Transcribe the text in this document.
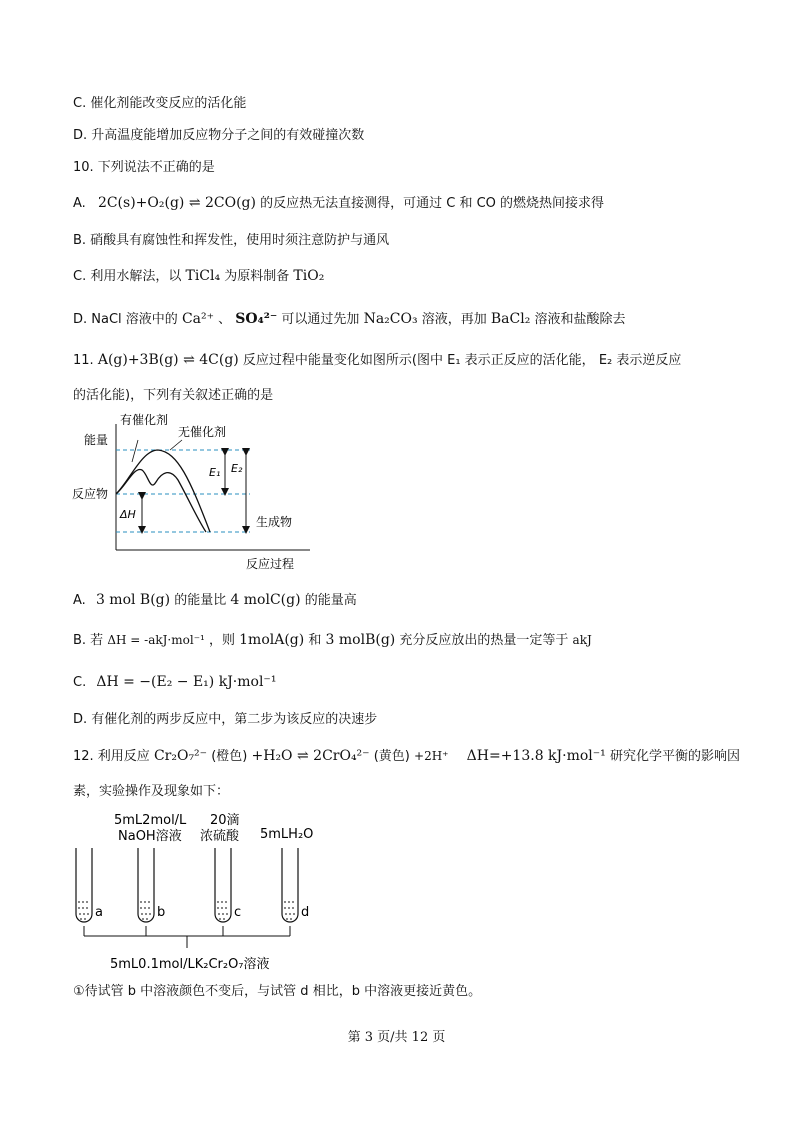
C. 催化剂能改变反应的活化能
D. 升高温度能增加反应物分子之间的有效碰撞次数
10. 下列说法不正确的是
A. 2C(s)+O₂(g) ⇌ 2CO(g) 的反应热无法直接测得，可通过 C 和 CO 的燃烧热间接求得
B. 硝酸具有腐蚀性和挥发性，使用时须注意防护与通风
C. 利用水解法，以 TiCl₄ 为原料制备 TiO₂
D. NaCl 溶液中的 Ca²⁺ 、 SO₄²⁻ 可以通过先加 Na₂CO₃ 溶液，再加 BaCl₂ 溶液和盐酸除去
11. A(g)+3B(g) ⇌ 4C(g) 反应过程中能量变化如图所示(图中 E₁ 表示正反应的活化能， E₂ 表示逆反应
的活化能)，下列有关叙述正确的是
能量
反应物
反应过程
生成物
有催化剂
无催化剂
E₁ E₂
ΔH
A. 3 mol B(g) 的能量比 4 molC(g) 的能量高
B. 若 ΔH = -akJ·mol⁻¹ ，则 1molA(g) 和 3 molB(g) 充分反应放出的热量一定等于 akJ
C. ΔH = −(E₂ − E₁) kJ·mol⁻¹
D. 有催化剂的两步反应中，第二步为该反应的决速步
12. 利用反应 Cr₂O₇²⁻ (橙色) +H₂O ⇌ 2CrO₄²⁻ (黄色) +2H⁺ ΔH=+13.8 kJ·mol⁻¹ 研究化学平衡的影响因
素，实验操作及现象如下：
5mL2mol/L
NaOH溶液
20滴
浓硫酸 5mLH₂O
a	b	c	d
5mL0.1mol/LK₂Cr₂O₇溶液
①待试管 b 中溶液颜色不变后，与试管 d 相比，b 中溶液更接近黄色。
第 3 页/共 12 页
